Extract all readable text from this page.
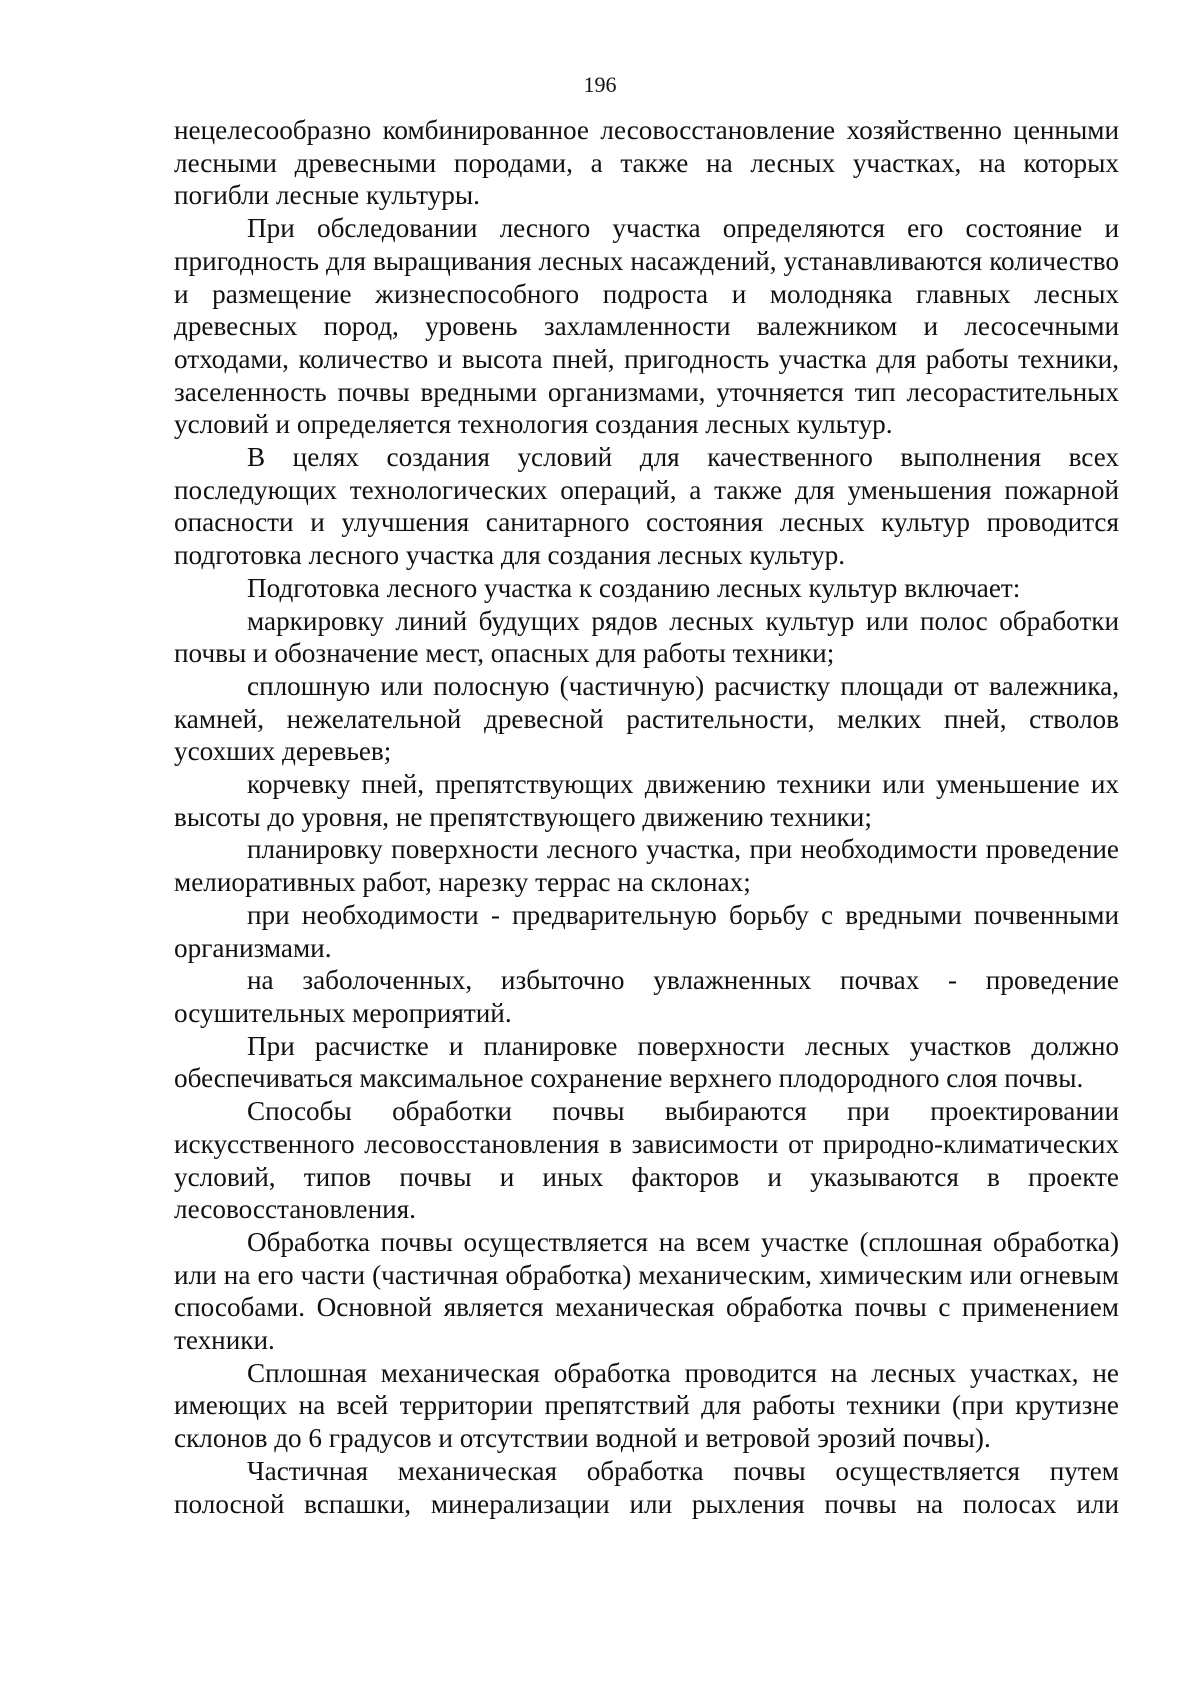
196

нецелесообразно комбинированное лесовосстановление хозяйственно ценными лесными древесными породами, а также на лесных участках, на которых погибли лесные культуры.

При обследовании лесного участка определяются его состояние и пригодность для выращивания лесных насаждений, устанавливаются количество и размещение жизнеспособного подроста и молодняка главных лесных древесных пород, уровень захламленности валежником и лесосечными отходами, количество и высота пней, пригодность участка для работы техники, заселенность почвы вредными организмами, уточняется тип лесорастительных условий и определяется технология создания лесных культур.

В целях создания условий для качественного выполнения всех последующих технологических операций, а также для уменьшения пожарной опасности и улучшения санитарного состояния лесных культур проводится подготовка лесного участка для создания лесных культур.

Подготовка лесного участка к созданию лесных культур включает:

маркировку линий будущих рядов лесных культур или полос обработки почвы и обозначение мест, опасных для работы техники;

сплошную или полосную (частичную) расчистку площади от валежника, камней, нежелательной древесной растительности, мелких пней, стволов усохших деревьев;

корчевку пней, препятствующих движению техники или уменьшение их высоты до уровня, не препятствующего движению техники;

планировку поверхности лесного участка, при необходимости проведение мелиоративных работ, нарезку террас на склонах;

при необходимости - предварительную борьбу с вредными почвенными организмами.

на заболоченных, избыточно увлажненных почвах - проведение осушительных мероприятий.

При расчистке и планировке поверхности лесных участков должно обеспечиваться максимальное сохранение верхнего плодородного слоя почвы.

Способы обработки почвы выбираются при проектировании искусственного лесовосстановления в зависимости от природно-климатических условий, типов почвы и иных факторов и указываются в проекте лесовосстановления.

Обработка почвы осуществляется на всем участке (сплошная обработка) или на его части (частичная обработка) механическим, химическим или огневым способами. Основной является механическая обработка почвы с применением техники.

Сплошная механическая обработка проводится на лесных участках, не имеющих на всей территории препятствий для работы техники (при крутизне склонов до 6 градусов и отсутствии водной и ветровой эрозий почвы).

Частичная механическая обработка почвы осуществляется путем полосной вспашки, минерализации или рыхления почвы на полосах или
